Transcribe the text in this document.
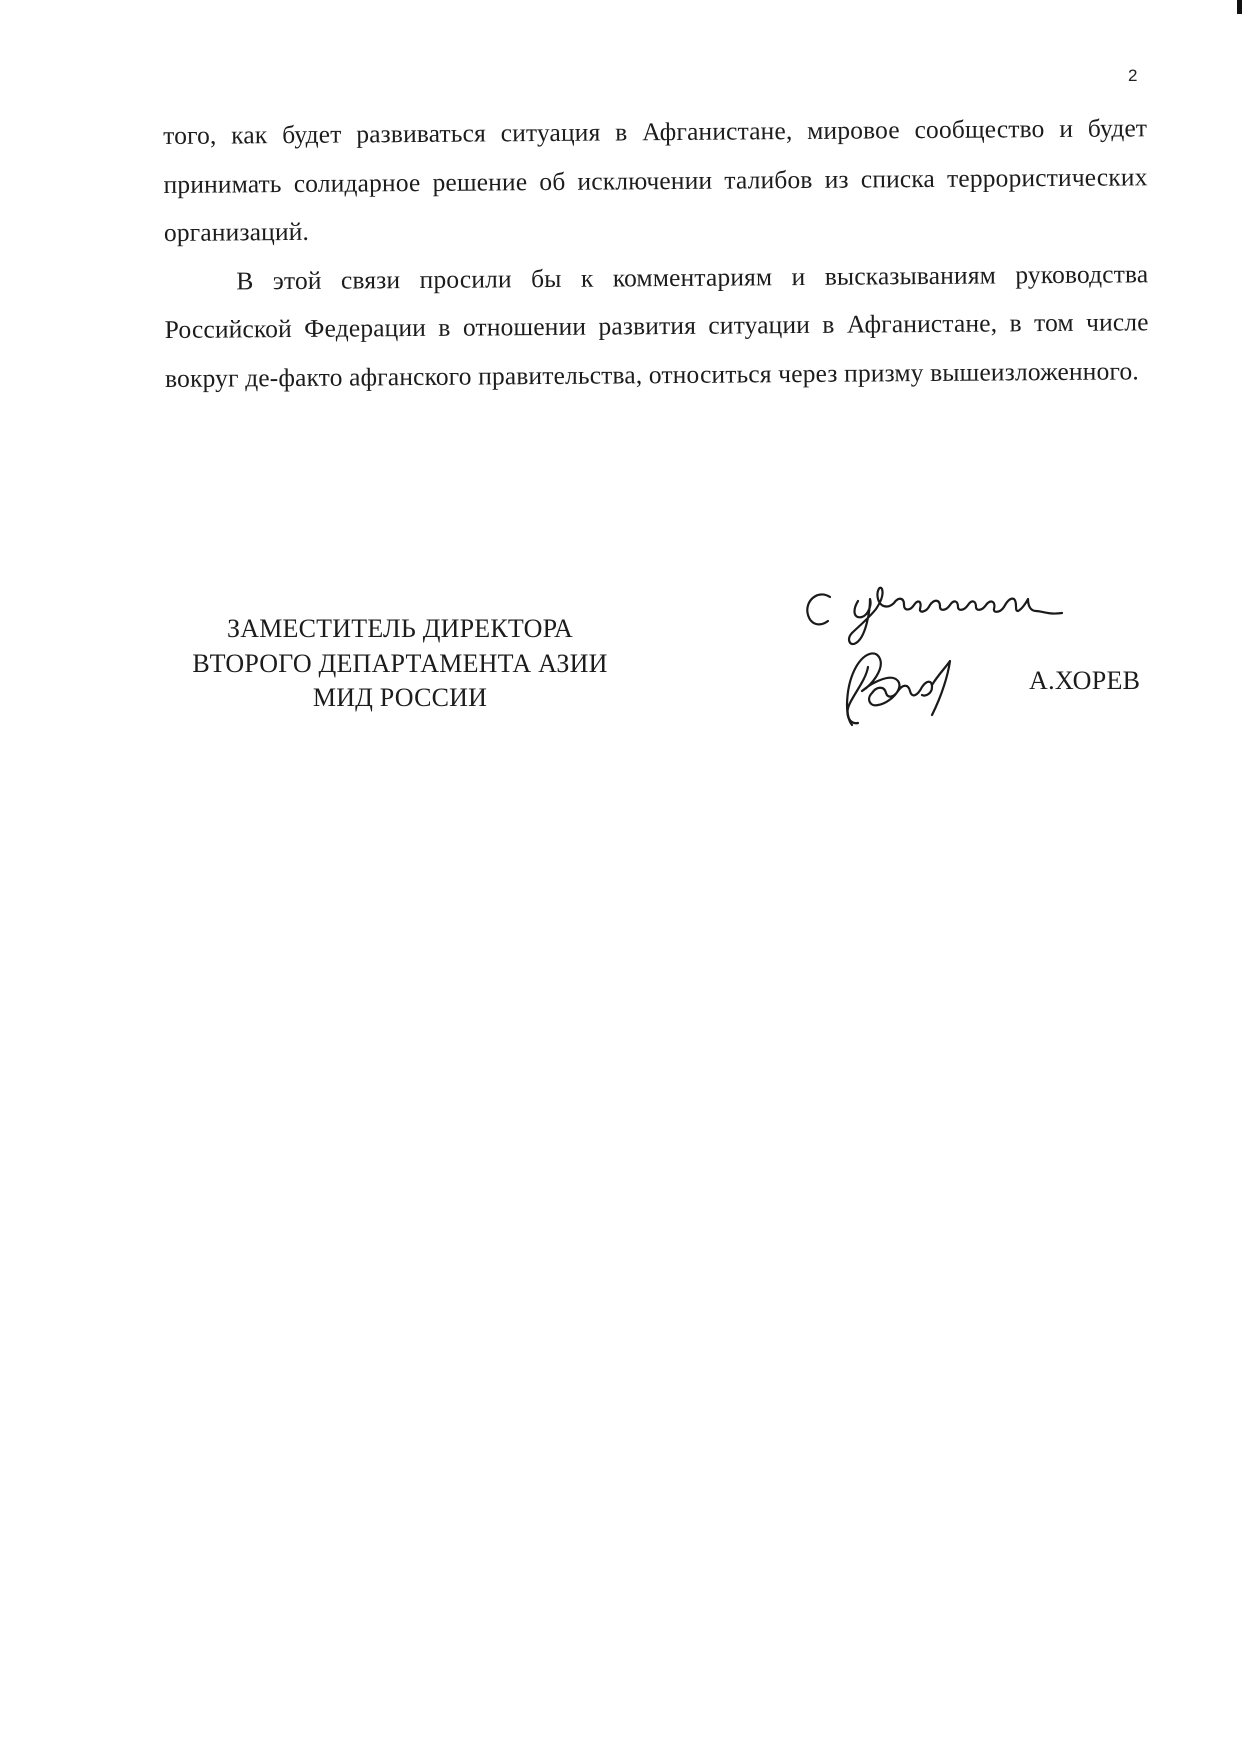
2

того, как будет развиваться ситуация в Афганистане, мировое сообщество и будет принимать солидарное решение об исключении талибов из списка террористических организаций.

В этой связи просили бы к комментариям и высказываниям руководства Российской Федерации в отношении развития ситуации в Афганистане, в том числе вокруг де-факто афганского правительства, относиться через призму вышеизложенного.

ЗАМЕСТИТЕЛЬ ДИРЕКТОРА
ВТОРОГО ДЕПАРТАМЕНТА АЗИИ
МИД РОССИИ
А.ХОРЕВ
